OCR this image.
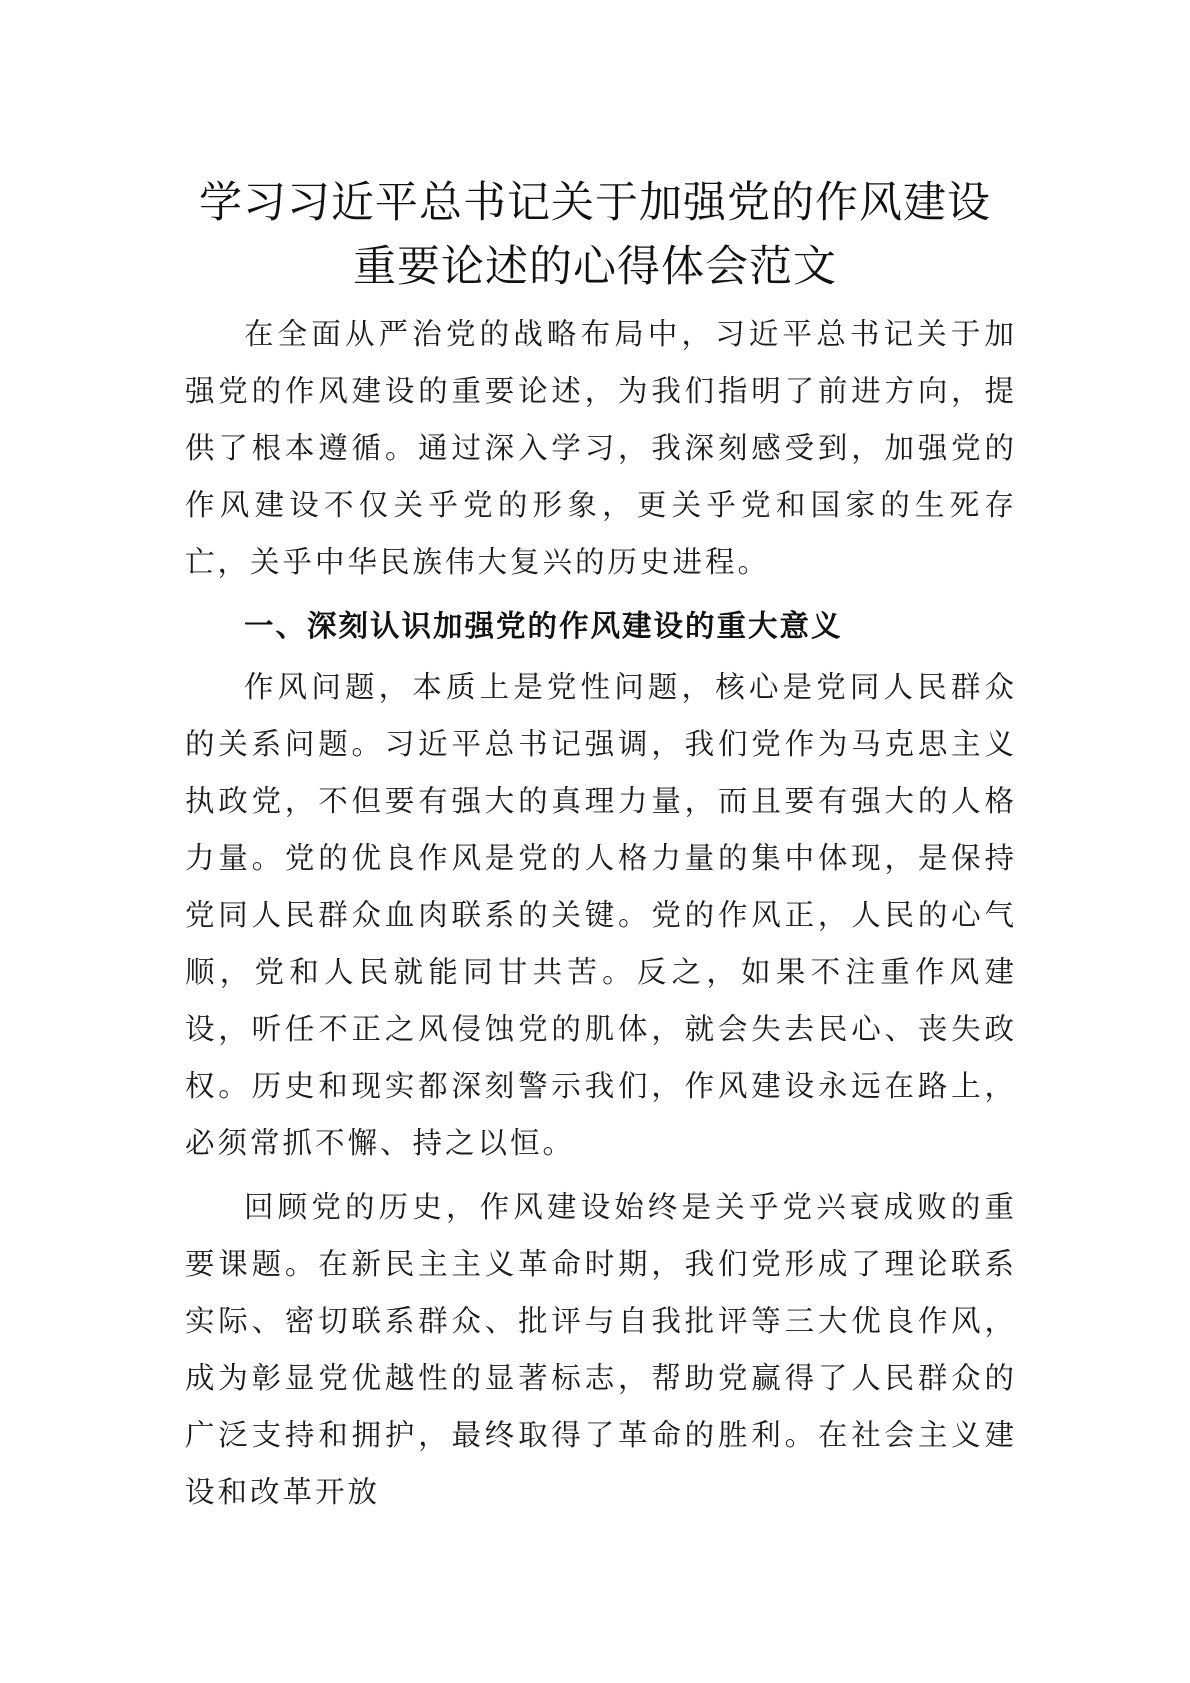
学习习近平总书记关于加强党的作风建设
重要论述的心得体会范文

在全面从严治党的战略布局中，习近平总书记关于加强党的作风建设的重要论述，为我们指明了前进方向，提供了根本遵循。通过深入学习，我深刻感受到，加强党的作风建设不仅关乎党的形象，更关乎党和国家的生死存亡，关乎中华民族伟大复兴的历史进程。

一、深刻认识加强党的作风建设的重大意义

作风问题，本质上是党性问题，核心是党同人民群众的关系问题。习近平总书记强调，我们党作为马克思主义执政党，不但要有强大的真理力量，而且要有强大的人格力量。党的优良作风是党的人格力量的集中体现，是保持党同人民群众血肉联系的关键。党的作风正，人民的心气顺，党和人民就能同甘共苦。反之，如果不注重作风建设，听任不正之风侵蚀党的肌体，就会失去民心、丧失政权。历史和现实都深刻警示我们，作风建设永远在路上，必须常抓不懈、持之以恒。

回顾党的历史，作风建设始终是关乎党兴衰成败的重要课题。在新民主主义革命时期，我们党形成了理论联系实际、密切联系群众、批评与自我批评等三大优良作风，成为彰显党优越性的显著标志，帮助党赢得了人民群众的广泛支持和拥护，最终取得了革命的胜利。在社会主义建设和改革开放
